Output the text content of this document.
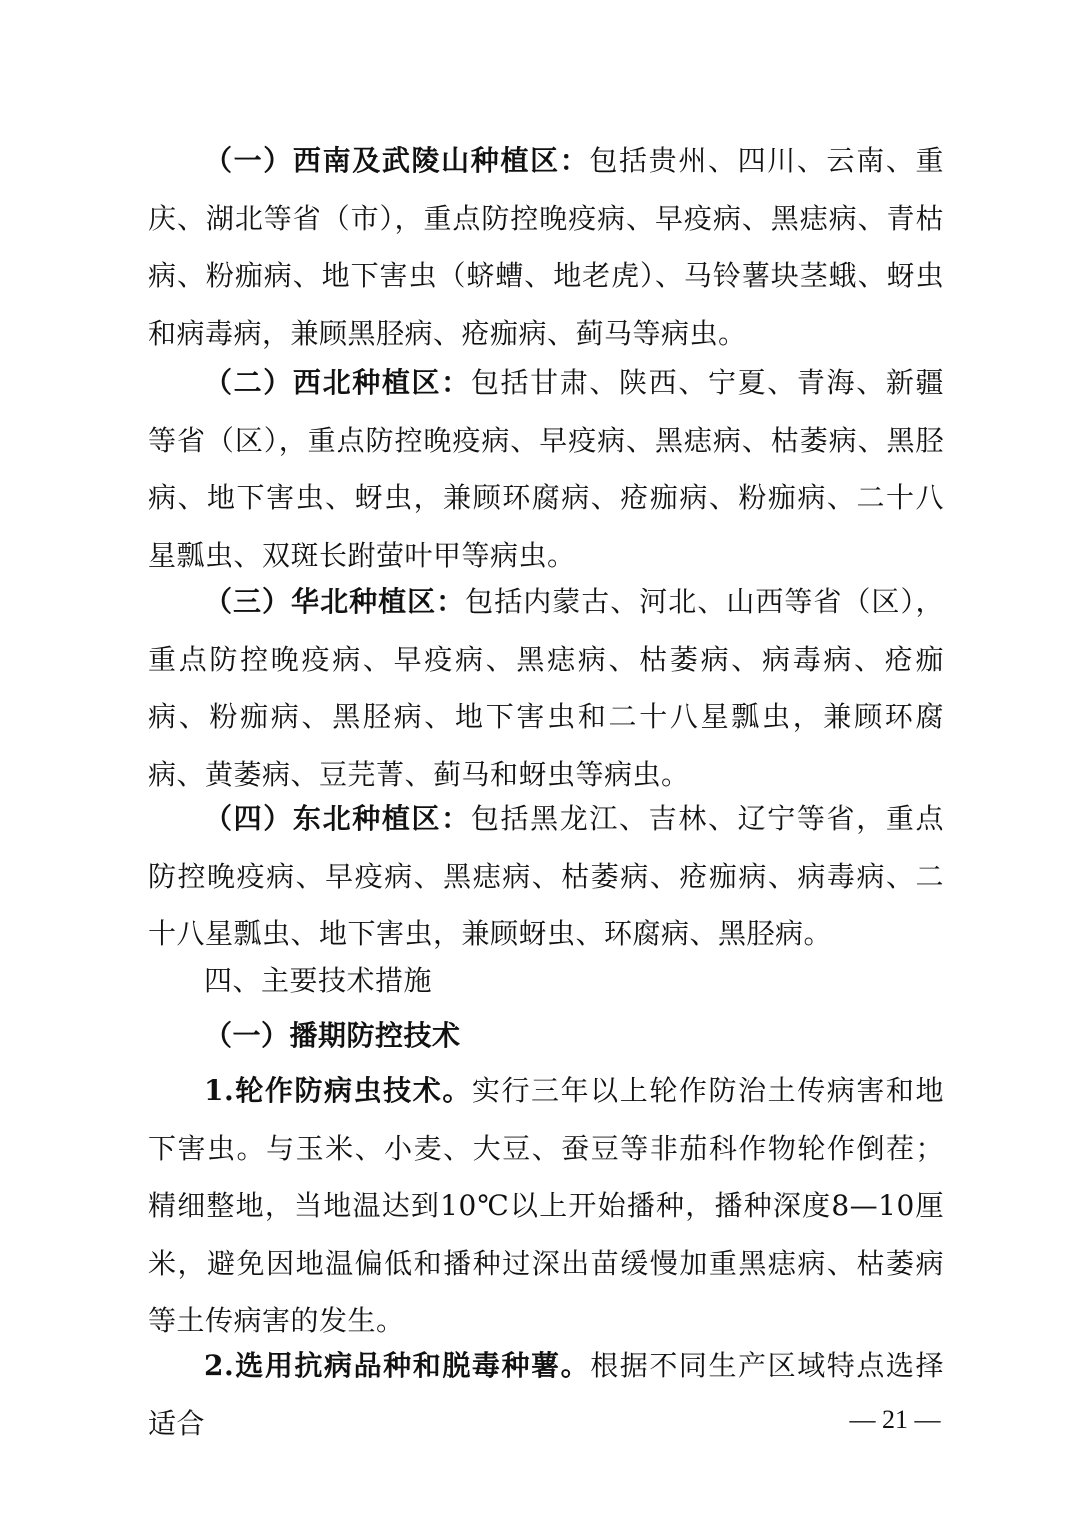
（一）西南及武陵山种植区：包括贵州、四川、云南、重庆、湖北等省（市），重点防控晚疫病、早疫病、黑痣病、青枯病、粉痂病、地下害虫（蛴螬、地老虎）、马铃薯块茎蛾、蚜虫和病毒病，兼顾黑胫病、疮痂病、蓟马等病虫。

（二）西北种植区：包括甘肃、陕西、宁夏、青海、新疆等省（区），重点防控晚疫病、早疫病、黑痣病、枯萎病、黑胫病、地下害虫、蚜虫，兼顾环腐病、疮痂病、粉痂病、二十八星瓢虫、双斑长跗萤叶甲等病虫。

（三）华北种植区：包括内蒙古、河北、山西等省（区），重点防控晚疫病、早疫病、黑痣病、枯萎病、病毒病、疮痂病、粉痂病、黑胫病、地下害虫和二十八星瓢虫，兼顾环腐病、黄萎病、豆芫菁、蓟马和蚜虫等病虫。

（四）东北种植区：包括黑龙江、吉林、辽宁等省，重点防控晚疫病、早疫病、黑痣病、枯萎病、疮痂病、病毒病、二十八星瓢虫、地下害虫，兼顾蚜虫、环腐病、黑胫病。

四、主要技术措施
（一）播期防控技术

1.轮作防病虫技术。实行三年以上轮作防治土传病害和地下害虫。与玉米、小麦、大豆、蚕豆等非茄科作物轮作倒茬；精细整地，当地温达到10℃以上开始播种，播种深度8—10厘米，避免因地温偏低和播种过深出苗缓慢加重黑痣病、枯萎病等土传病害的发生。

2.选用抗病品种和脱毒种薯。根据不同生产区域特点选择适合	— 21 —
